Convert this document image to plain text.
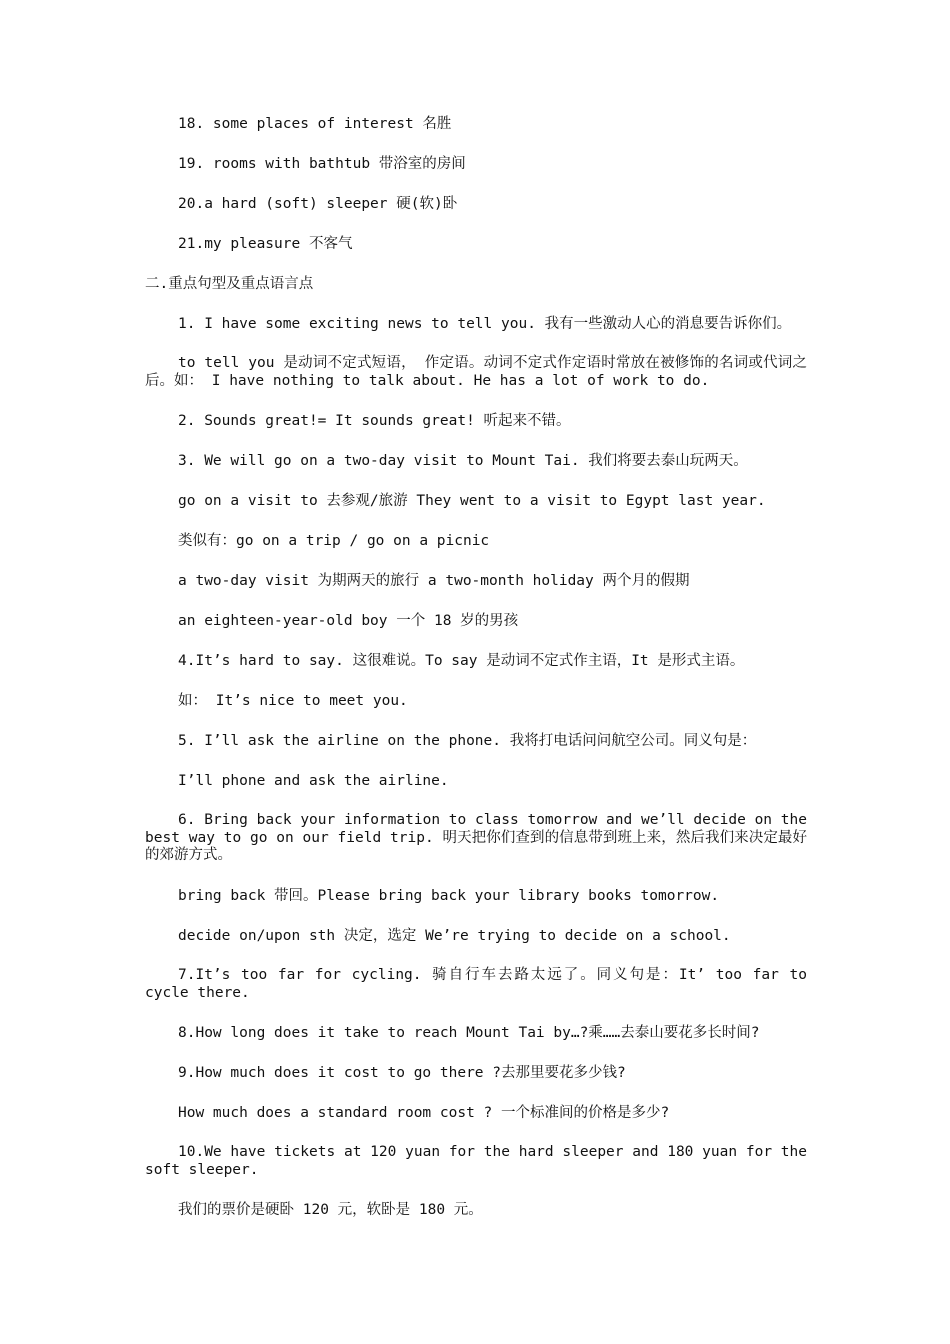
18. some places of interest 名胜
19. rooms with bathtub 带浴室的房间
20.a hard (soft) sleeper 硬(软)卧
21.my pleasure 不客气
二.重点句型及重点语言点
1. I have some exciting news to tell you. 我有一些激动人心的消息要告诉你们。
to tell you 是动词不定式短语， 作定语。动词不定式作定语时常放在被修饰的名词或代词之后。如： I have nothing to talk about. He has a lot of work to do.
2. Sounds great!= It sounds great! 听起来不错。
3. We will go on a two-day visit to Mount Tai. 我们将要去泰山玩两天。
go on a visit to 去参观/旅游 They went to a visit to Egypt last year.
类似有：go on a trip / go on a picnic
a two-day visit 为期两天的旅行 a two-month holiday 两个月的假期
an eighteen-year-old boy 一个 18 岁的男孩
4.It’s hard to say. 这很难说。To say 是动词不定式作主语，It 是形式主语。
如： It’s nice to meet you.
5. I’ll ask the airline on the phone. 我将打电话问问航空公司。同义句是：
I’ll phone and ask the airline.
6. Bring back your information to class tomorrow and we’ll decide on the best way to go on our field trip. 明天把你们查到的信息带到班上来，然后我们来决定最好的郊游方式。
bring back 带回。Please bring back your library books tomorrow.
decide on/upon sth 决定，选定 We’re trying to decide on a school.
7.It’s too far for cycling. 骑自行车去路太远了。同义句是：It’ too far to cycle there.
8.How long does it take to reach Mount Tai by…?乘……去泰山要花多长时间?
9.How much does it cost to go there ?去那里要花多少钱?
How much does a standard room cost ? 一个标准间的价格是多少?
10.We have tickets at 120 yuan for the hard sleeper and 180 yuan for the soft sleeper.
我们的票价是硬卧 120 元，软卧是 180 元。
